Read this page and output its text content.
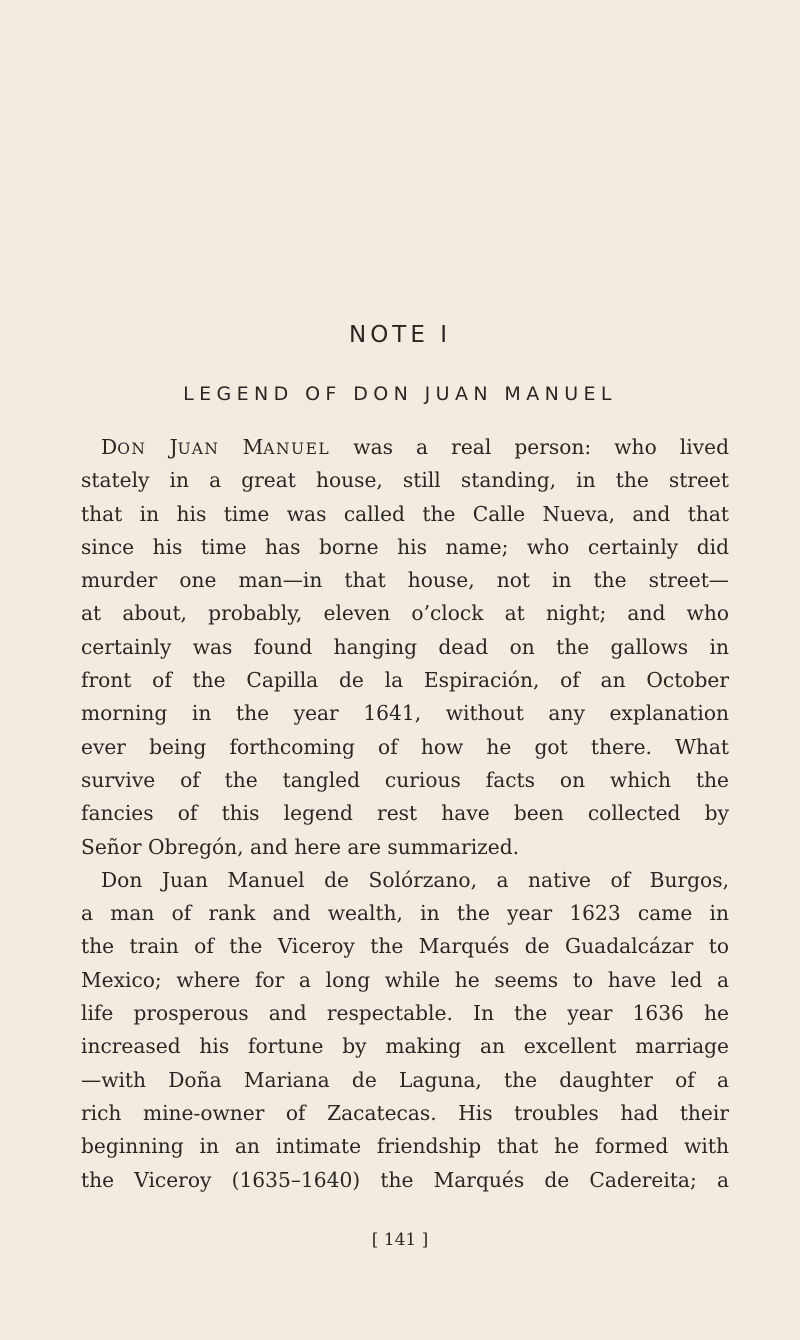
NOTE I
LEGEND OF DON JUAN MANUEL
DON JUAN MANUEL was a real person: who lived
stately in a great house, still standing, in the street
that in his time was called the Calle Nueva, and that
since his time has borne his name; who certainly did
murder one man—in that house, not in the street—
at about, probably, eleven o’clock at night; and who
certainly was found hanging dead on the gallows in
front of the Capilla de la Espiración, of an October
morning in the year 1641, without any explanation
ever being forthcoming of how he got there. What
survive of the tangled curious facts on which the
fancies of this legend rest have been collected by
Señor Obregón, and here are summarized.
Don Juan Manuel de Solórzano, a native of Burgos,
a man of rank and wealth, in the year 1623 came in
the train of the Viceroy the Marqués de Guadalcázar to
Mexico; where for a long while he seems to have led a
life prosperous and respectable. In the year 1636 he
increased his fortune by making an excellent marriage
—with Doña Mariana de Laguna, the daughter of a
rich mine-owner of Zacatecas. His troubles had their
beginning in an intimate friendship that he formed with
the Viceroy (1635–1640) the Marqués de Cadereita; a

[ 141 ]
